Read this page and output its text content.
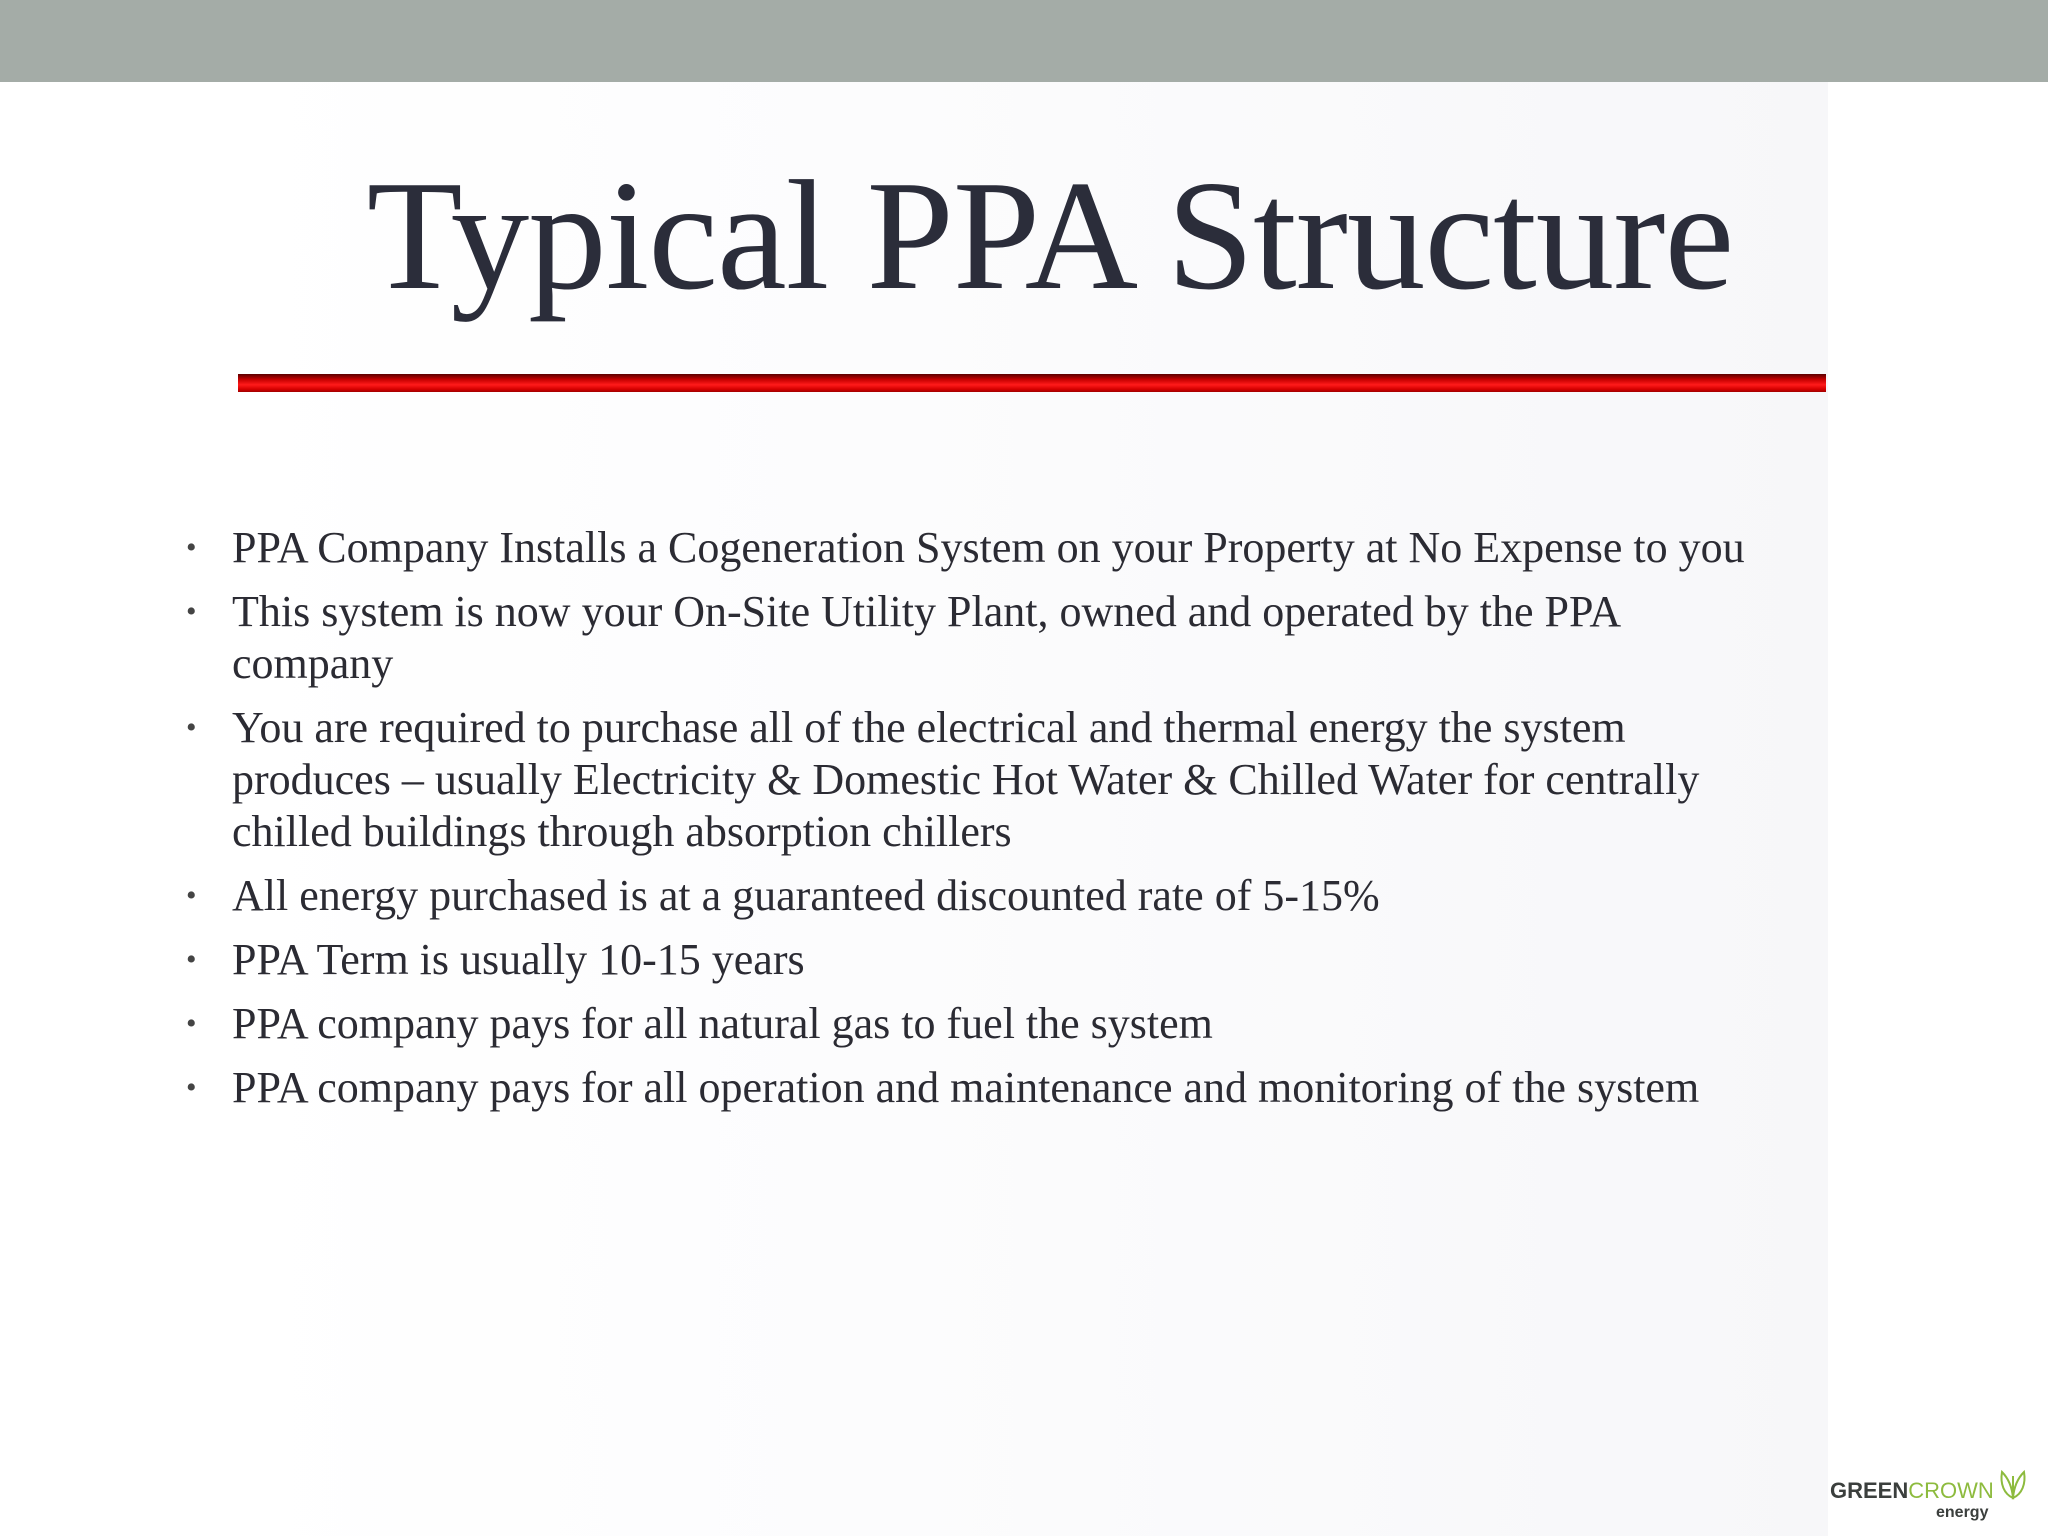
Typical PPA Structure
• PPA Company Installs a Cogeneration System on your Property at No Expense to you
• This system is now your On-Site Utility Plant, owned and operated by the PPA company
• You are required to purchase all of the electrical and thermal energy the system produces – usually Electricity & Domestic Hot Water & Chilled Water for centrally chilled buildings through absorption chillers
• All energy purchased is at a guaranteed discounted rate of 5-15%
• PPA Term is usually 10-15 years
• PPA company pays for all natural gas to fuel the system
• PPA company pays for all operation and maintenance and monitoring of the system
GREENCROWN
energy
